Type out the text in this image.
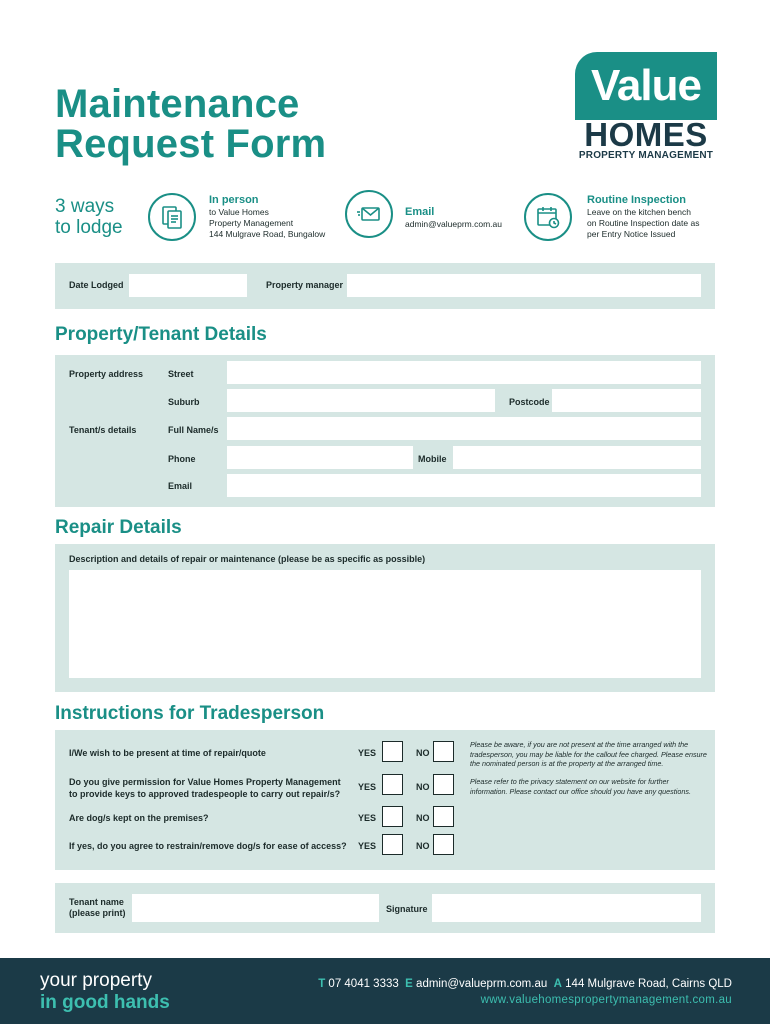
Maintenance
Request Form
Value
HOMES
PROPERTY MANAGEMENT
3 ways
to lodge
In person
to Value Homes
Property Management
144 Mulgrave Road, Bungalow
Email
admin@valueprm.com.au
Routine Inspection
Leave on the kitchen bench
on Routine Inspection date as
per Entry Notice Issued
Date Lodged	Property manager
Property/Tenant Details
Property address	Street
Suburb	Postcode
Tenant/s details	Full Name/s
Phone	Mobile
Email
Repair Details
Description and details of repair or maintenance (please be as specific as possible)
Instructions for Tradesperson
I/We wish to be present at time of repair/quote	YES	NO
Please be aware, if you are not present at the time arranged with the
tradesperson, you may be liable for the callout fee charged. Please ensure
the nominated person is at the property at the arranged time.
Do you give permission for Value Homes Property Management
to provide keys to approved tradespeople to carry out repair/s?
YES	NO
Please refer to the privacy statement on our website for further
information. Please contact our office should you have any questions.
Are dog/s kept on the premises?	YES	NO
If yes, do you agree to restrain/remove dog/s for ease of access? YES	NO
Tenant name
(please print)	Signature
your property
in good hands
T 07 4041 3333 E admin@valueprm.com.au A 144 Mulgrave Road, Cairns QLD
www.valuehomespropertymanagement.com.au
